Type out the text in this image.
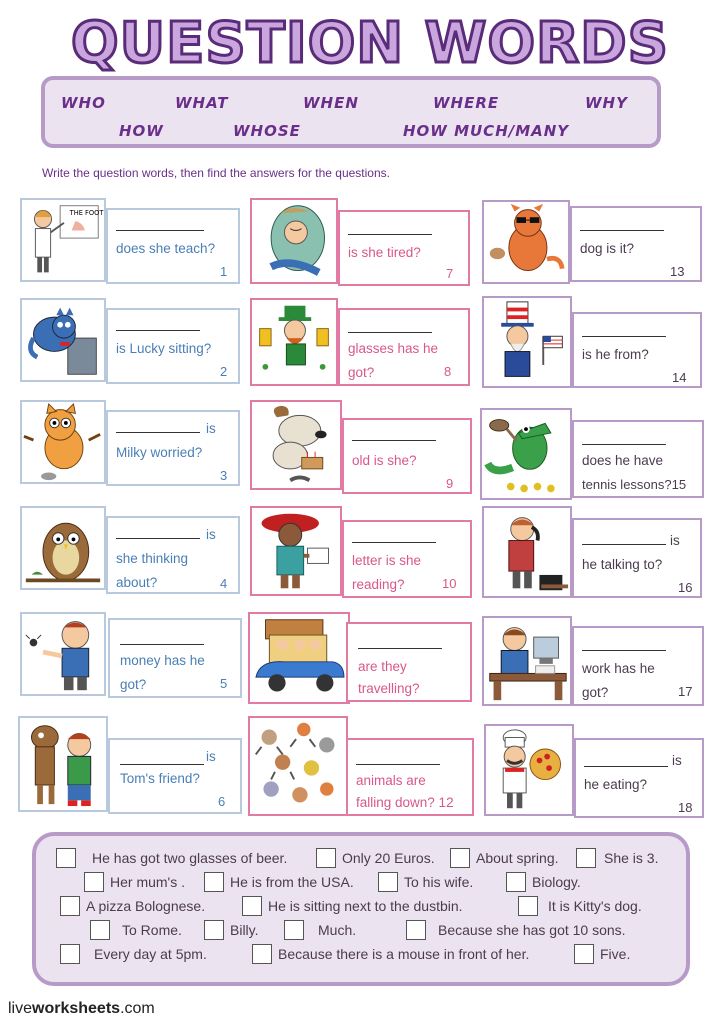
QUESTION WORDS
WHO	WHAT	WHEN	WHERE	WHY
HOW	WHOSE	HOW MUCH/MANY
Write the question words, then find the answers for the questions.
THE FOOT
does she teach?
1
is Lucky sitting?
2
is
Milky worried?
3
is
she thinking
about?	4
money has he
got?	5
is
Tom's friend?
6
is she tired?
7
glasses has he
got?	8
old is she?
9
letter is she
reading?	10
are they
travelling?
animals are
falling down? 12
dog is it?
13
is he from?
14
does he have
tennis lessons?15
is
he talking to?
16
work has he
got?	17
is
he eating?
18
He has got two glasses of beer.	Only 20 Euros.	About spring.	She is 3.
Her mum's .	He is from the USA.	To his wife.	Biology.
A pizza Bolognese.	He is sitting next to the dustbin.	It is Kitty's dog.
To Rome.	Billy.	Much.	Because she has got 10 sons.
Every day at 5pm.	Because there is a mouse in front of her.	Five.
liveworksheets.com
